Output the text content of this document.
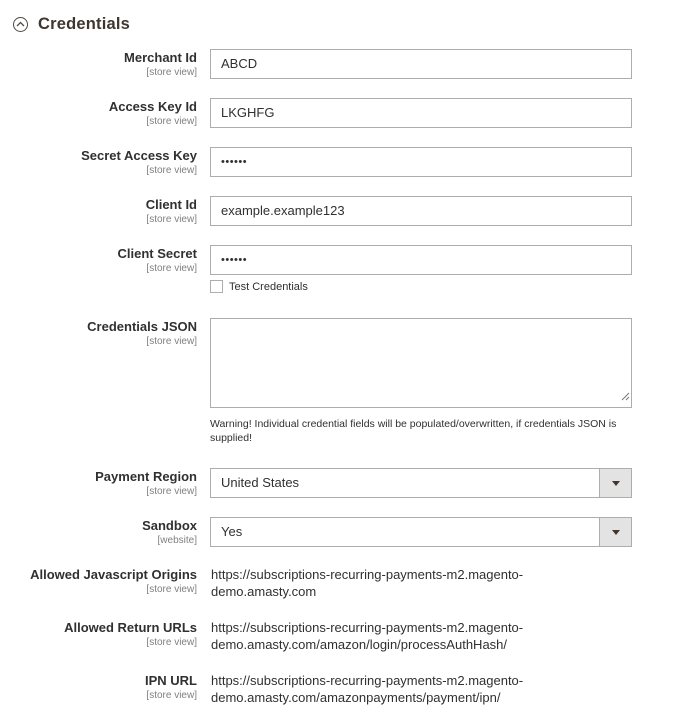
Credentials
Merchant Id
[store view]
ABCD
Access Key Id
[store view]
LKGHFG
Secret Access Key
[store view]
••••••
Client Id
[store view]
example.example123
Client Secret
[store view]
••••••
Test Credentials
Credentials JSON
[store view]
Warning! Individual credential fields will be populated/overwritten, if credentials JSON is supplied!
Payment Region
[store view]
United States
Sandbox
[website]
Yes
Allowed Javascript Origins
[store view]
https://subscriptions-recurring-payments-m2.magento-demo.amasty.com
Allowed Return URLs
[store view]
https://subscriptions-recurring-payments-m2.magento-demo.amasty.com/amazon/login/processAuthHash/
IPN URL
[store view]
https://subscriptions-recurring-payments-m2.magento-demo.amasty.com/amazonpayments/payment/ipn/
